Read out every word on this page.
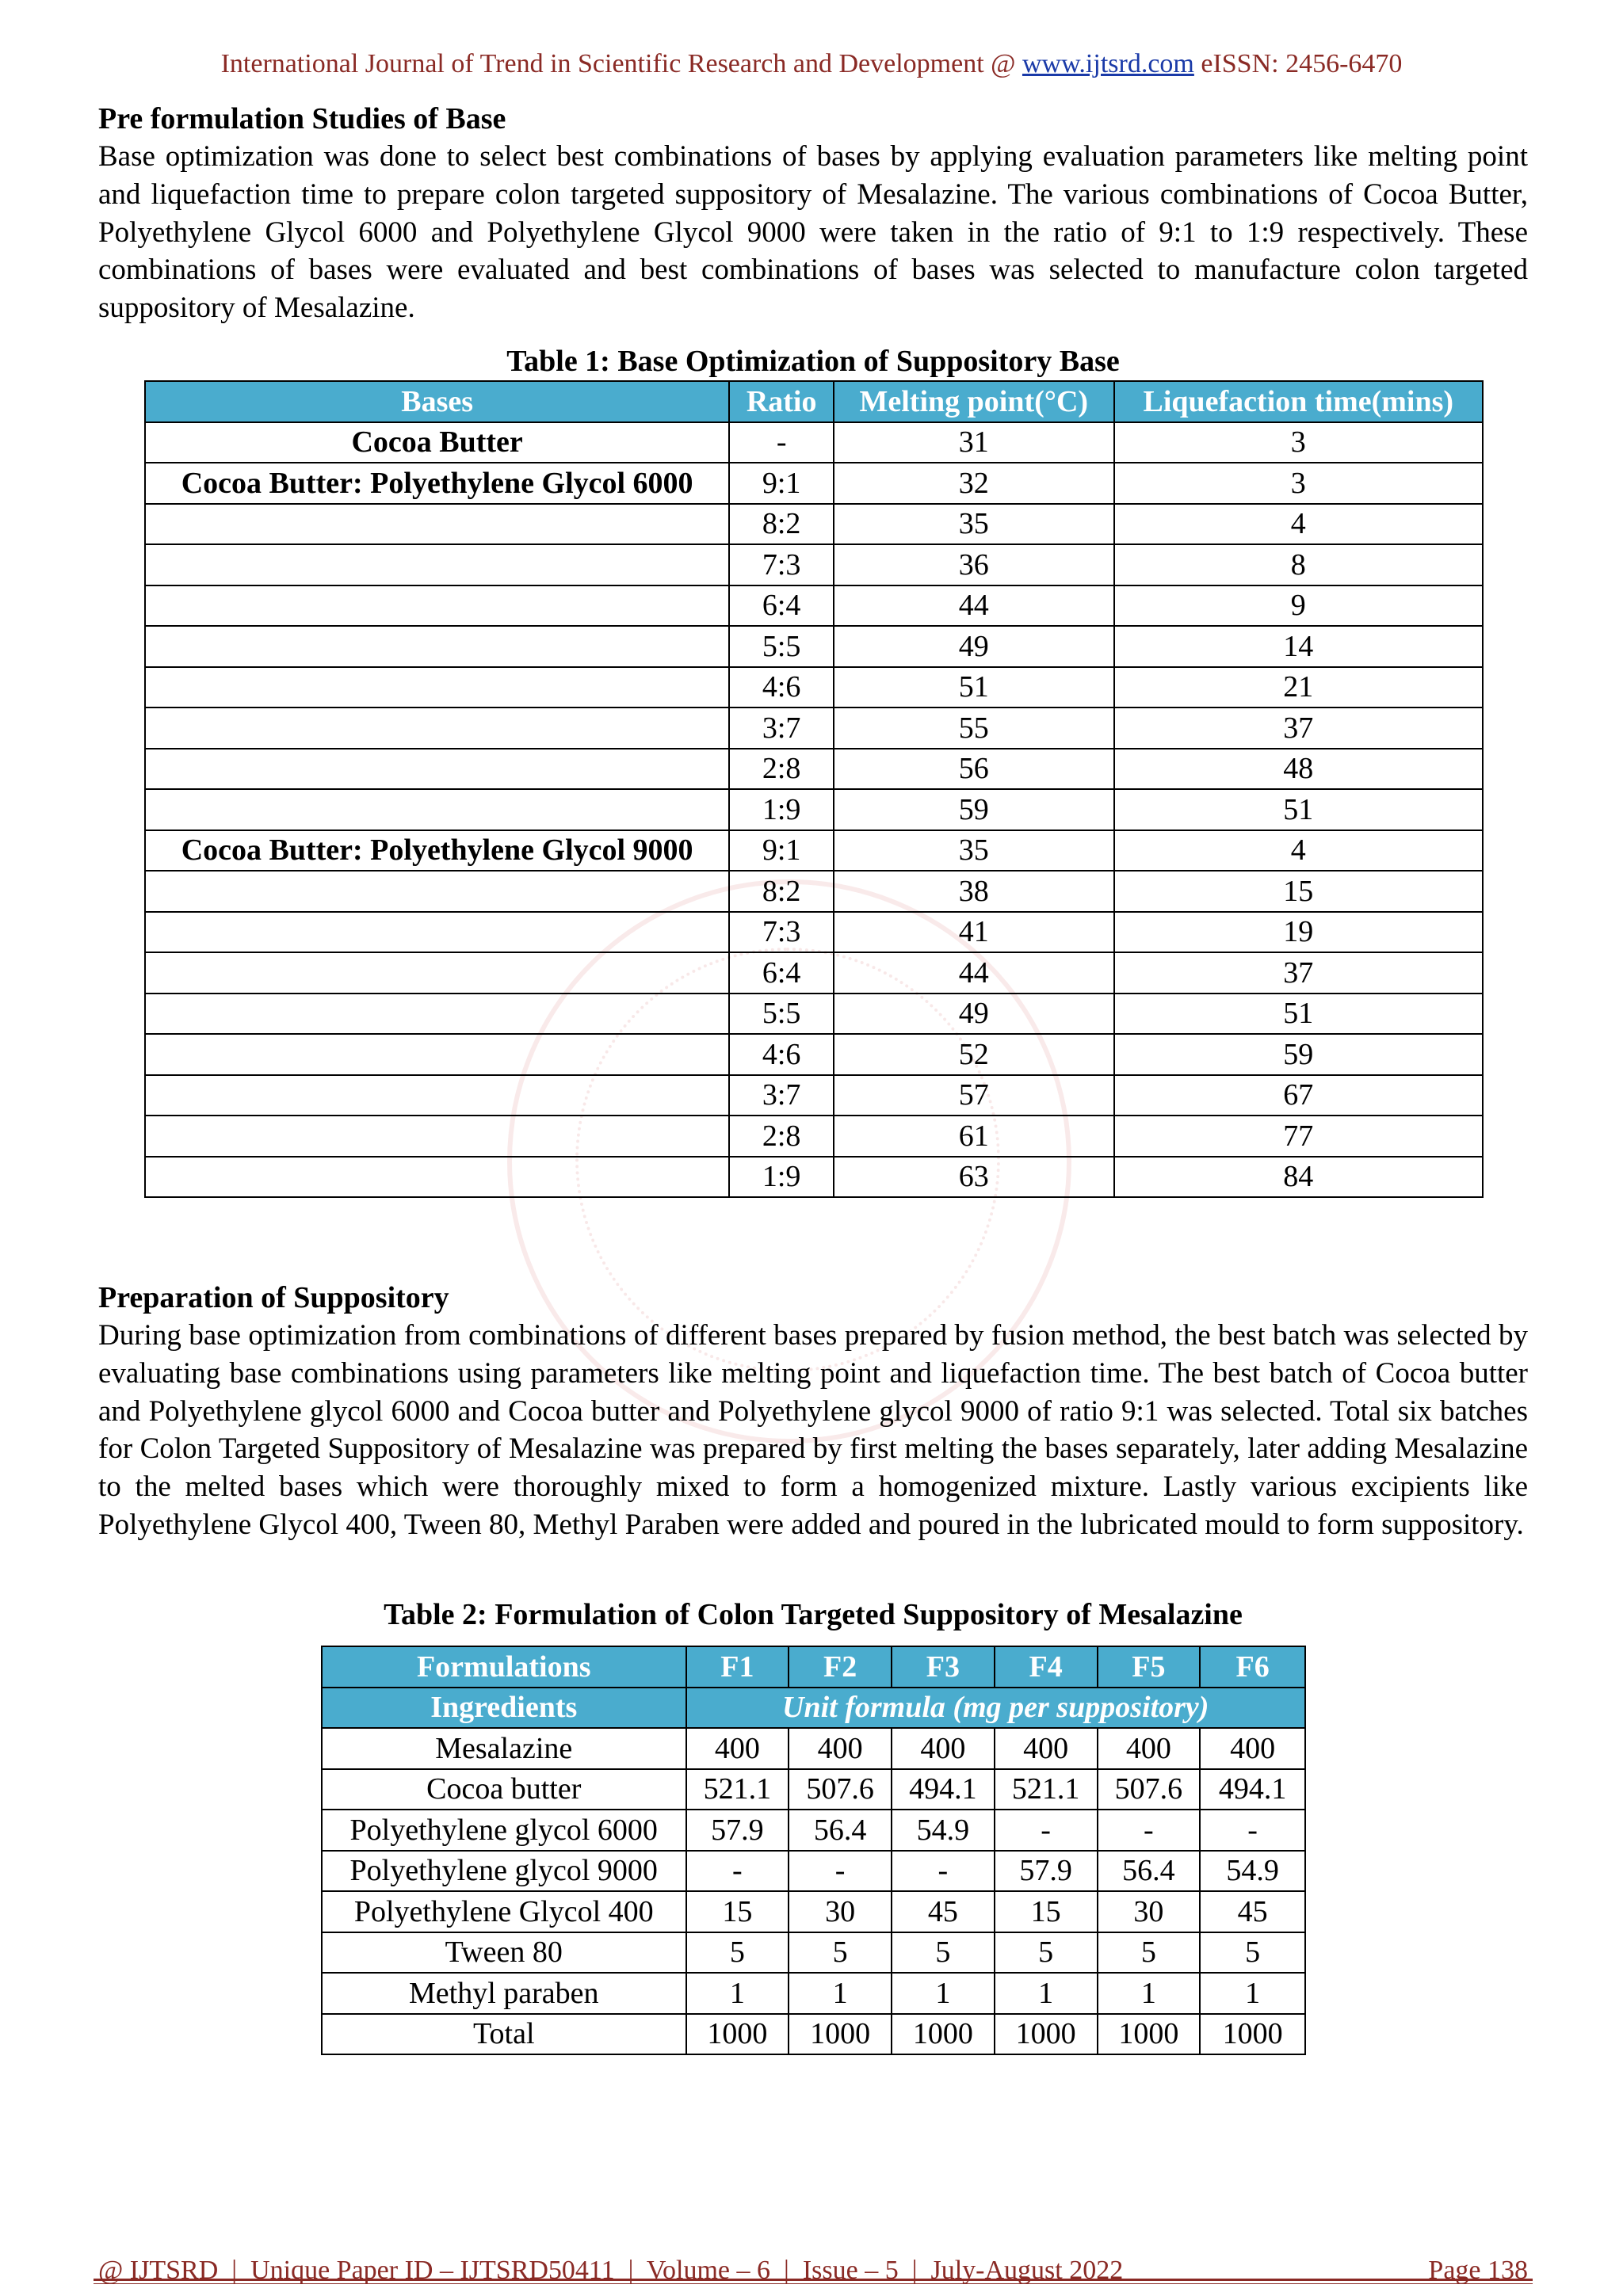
International Journal of Trend in Scientific Research and Development @ www.ijtsrd.com eISSN: 2456-6470
Pre formulation Studies of Base

Base optimization was done to select best combinations of bases by applying evaluation parameters like melting point and liquefaction time to prepare colon targeted suppository of Mesalazine. The various combinations of Cocoa Butter, Polyethylene Glycol 6000 and Polyethylene Glycol 9000 were taken in the ratio of 9:1 to 1:9 respectively. These combinations of bases were evaluated and best combinations of bases was selected to manufacture colon targeted suppository of Mesalazine.

Table 1: Base Optimization of Suppository Base
Bases	Ratio	Melting point(°C)	Liquefaction time(mins)
Cocoa Butter	-	31	3
Cocoa Butter: Polyethylene Glycol 6000	9:1	32	3
	8:2	35	4
	7:3	36	8
	6:4	44	9
	5:5	49	14
	4:6	51	21
	3:7	55	37
	2:8	56	48
	1:9	59	51
Cocoa Butter: Polyethylene Glycol 9000	9:1	35	4
	8:2	38	15
	7:3	41	19
	6:4	44	37
	5:5	49	51
	4:6	52	59
	3:7	57	67
	2:8	61	77
	1:9	63	84
Preparation of Suppository

During base optimization from combinations of different bases prepared by fusion method, the best batch was selected by evaluating base combinations using parameters like melting point and liquefaction time. The best batch of Cocoa butter and Polyethylene glycol 6000 and Cocoa butter and Polyethylene glycol 9000 of ratio 9:1 was selected. Total six batches for Colon Targeted Suppository of Mesalazine was prepared by first melting the bases separately, later adding Mesalazine to the melted bases which were thoroughly mixed to form a homogenized mixture. Lastly various excipients like Polyethylene Glycol 400, Tween 80, Methyl Paraben were added and poured in the lubricated mould to form suppository.

Table 2: Formulation of Colon Targeted Suppository of Mesalazine
Formulations	F1	F2	F3	F4	F5	F6
Ingredients	Unit formula (mg per suppository)					
Mesalazine	400	400	400	400	400	400
Cocoa butter	521.1	507.6	494.1	521.1	507.6	494.1
Polyethylene glycol 6000	57.9	56.4	54.9	-	-	-
Polyethylene glycol 9000	-	-	-	57.9	56.4	54.9
Polyethylene Glycol 400	15	30	45	15	30	45
Tween 80	5	5	5	5	5	5
Methyl paraben	1	1	1	1	1	1
Total	1000	1000	1000	1000	1000	1000
@ IJTSRD  |  Unique Paper ID – IJTSRD50411  |  Volume – 6  |  Issue – 5  |  July-August 2022	Page 138
